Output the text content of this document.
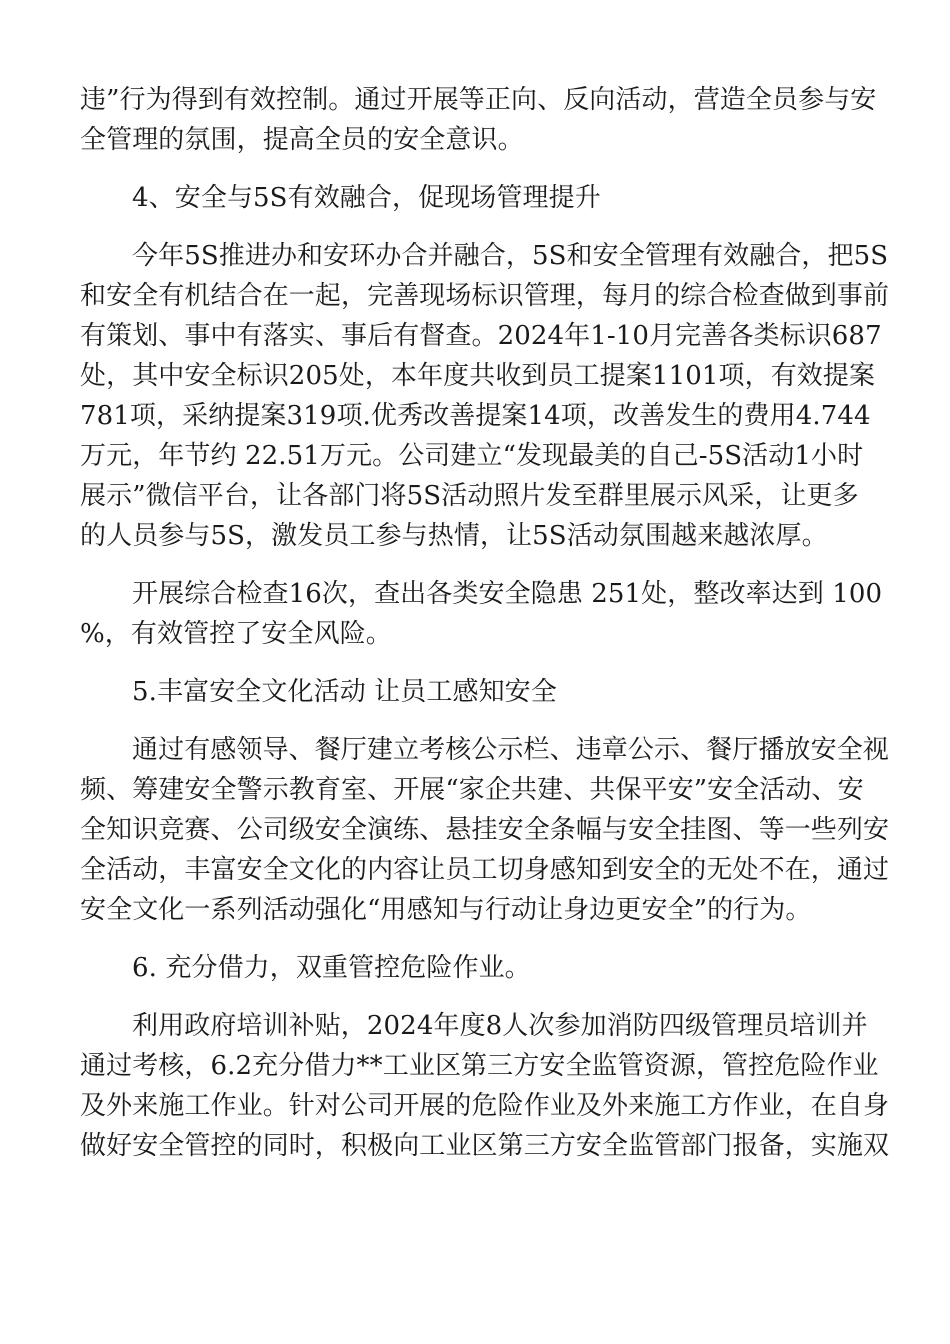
违”行为得到有效控制。通过开展等正向、反向活动，营造全员参与安
全管理的氛围，提高全员的安全意识。
4、安全与5S有效融合，促现场管理提升
今年5S推进办和安环办合并融合，5S和安全管理有效融合，把5S
和安全有机结合在一起，完善现场标识管理，每月的综合检查做到事前
有策划、事中有落实、事后有督查。2024年1-10月完善各类标识687
处，其中安全标识205处，本年度共收到员工提案1101项，有效提案
781项，采纳提案319项.优秀改善提案14项，改善发生的费用4.744
万元，年节约 22.51万元。公司建立“发现最美的自己-5S活动1小时
展示”微信平台，让各部门将5S活动照片发至群里展示风采，让更多
的人员参与5S，激发员工参与热情，让5S活动氛围越来越浓厚。
开展综合检查16次，查出各类安全隐患 251处，整改率达到 100
%，有效管控了安全风险。
5.丰富安全文化活动 让员工感知安全
通过有感领导、餐厅建立考核公示栏、违章公示、餐厅播放安全视
频、筹建安全警示教育室、开展“家企共建、共保平安”安全活动、安
全知识竞赛、公司级安全演练、悬挂安全条幅与安全挂图、等一些列安
全活动，丰富安全文化的内容让员工切身感知到安全的无处不在，通过
安全文化一系列活动强化“用感知与行动让身边更安全”的行为。
6. 充分借力，双重管控危险作业。
利用政府培训补贴，2024年度8人次参加消防四级管理员培训并
通过考核，6.2充分借力**工业区第三方安全监管资源，管控危险作业
及外来施工作业。针对公司开展的危险作业及外来施工方作业，在自身
做好安全管控的同时，积极向工业区第三方安全监管部门报备，实施双
